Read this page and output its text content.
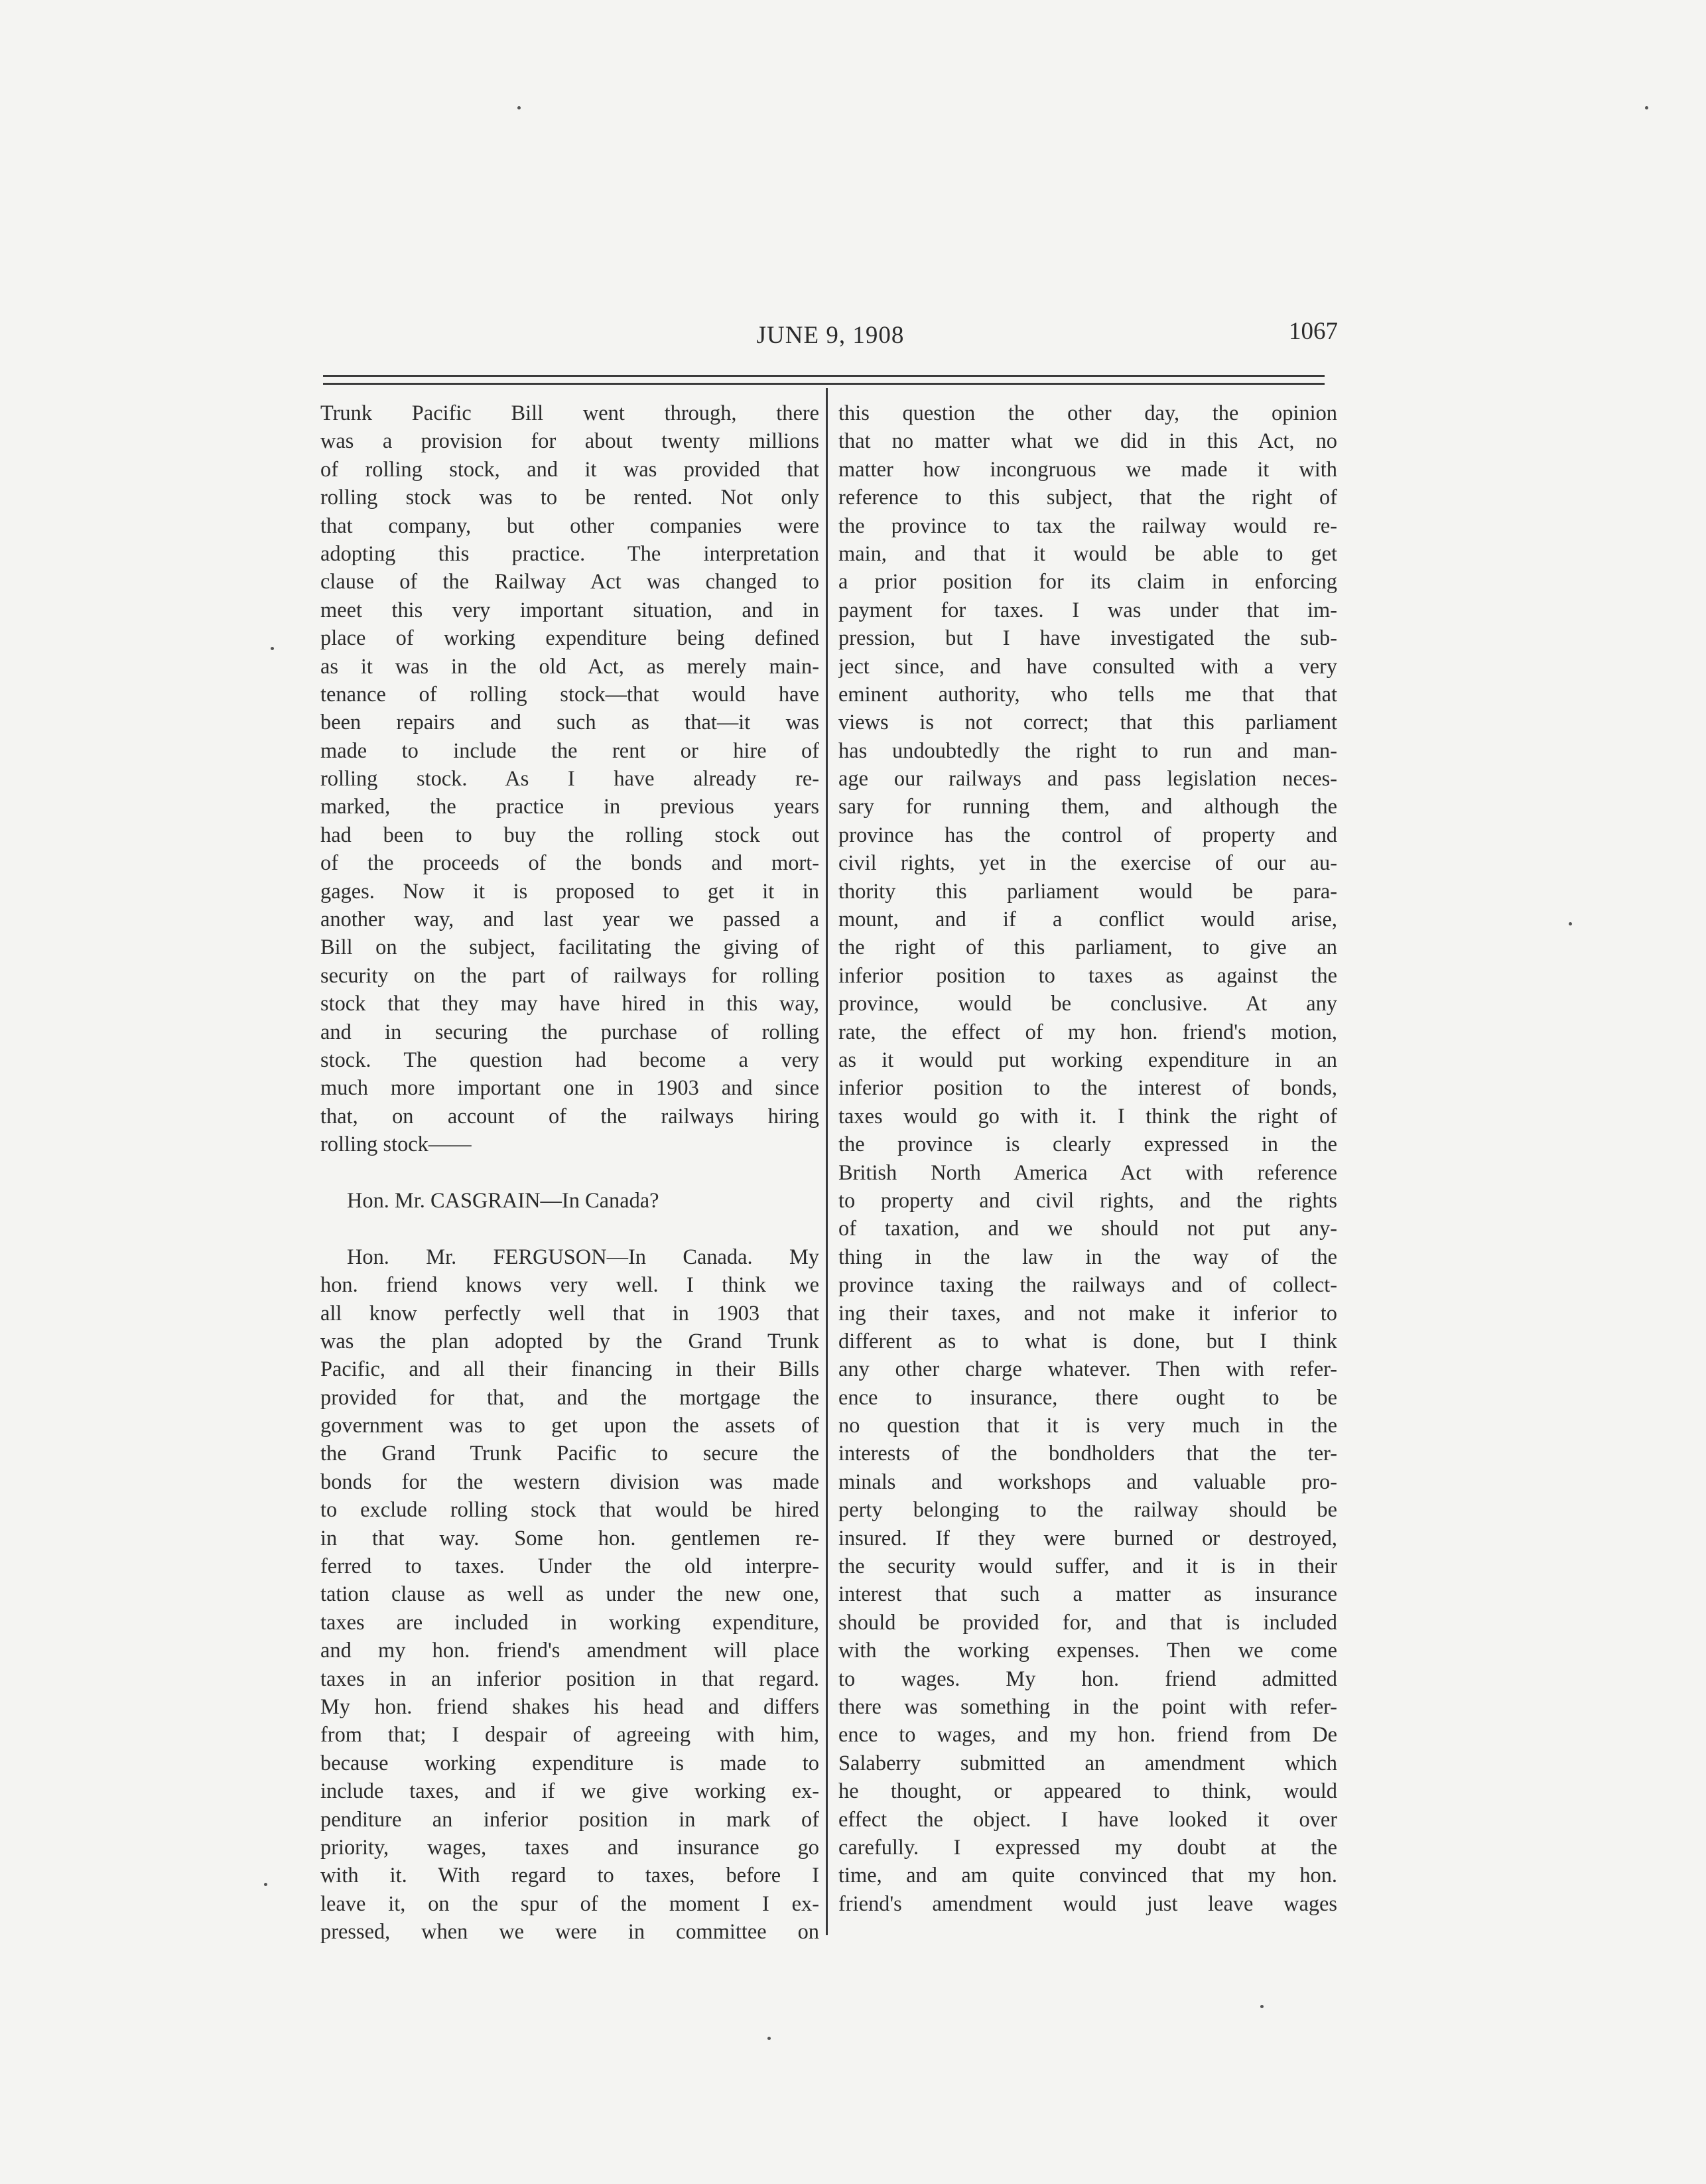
JUNE 9, 1908	1067
Trunk Pacific Bill went through, there
was a provision for about twenty millions
of rolling stock, and it was provided that
rolling stock was to be rented. Not only
that company, but other companies were
adopting this practice. The interpretation
clause of the Railway Act was changed to
meet this very important situation, and in
place of working expenditure being defined
as it was in the old Act, as merely main-
tenance of rolling stock—that would have
been repairs and such as that—it was
made to include the rent or hire of
rolling stock. As I have already re-
marked, the practice in previous years
had been to buy the rolling stock out
of the proceeds of the bonds and mort-
gages. Now it is proposed to get it in
another way, and last year we passed a
Bill on the subject, facilitating the giving of
security on the part of railways for rolling
stock that they may have hired in this way,
and in securing the purchase of rolling
stock. The question had become a very
much more important one in 1903 and since
that, on account of the railways hiring
rolling stock——
Hon. Mr. CASGRAIN—In Canada?
Hon. Mr. FERGUSON—In Canada. My
hon. friend knows very well. I think we
all know perfectly well that in 1903 that
was the plan adopted by the Grand Trunk
Pacific, and all their financing in their Bills
provided for that, and the mortgage the
government was to get upon the assets of
the Grand Trunk Pacific to secure the
bonds for the western division was made
to exclude rolling stock that would be hired
in that way. Some hon. gentlemen re-
ferred to taxes. Under the old interpre-
tation clause as well as under the new one,
taxes are included in working expenditure,
and my hon. friend's amendment will place
taxes in an inferior position in that regard.
My hon. friend shakes his head and differs
from that; I despair of agreeing with him,
because working expenditure is made to
include taxes, and if we give working ex-
penditure an inferior position in mark of
priority, wages, taxes and insurance go
with it. With regard to taxes, before I
leave it, on the spur of the moment I ex-
pressed, when we were in committee on
this question the other day, the opinion
that no matter what we did in this Act, no
matter how incongruous we made it with
reference to this subject, that the right of
the province to tax the railway would re-
main, and that it would be able to get
a prior position for its claim in enforcing
payment for taxes. I was under that im-
pression, but I have investigated the sub-
ject since, and have consulted with a very
eminent authority, who tells me that that
views is not correct; that this parliament
has undoubtedly the right to run and man-
age our railways and pass legislation neces-
sary for running them, and although the
province has the control of property and
civil rights, yet in the exercise of our au-
thority this parliament would be para-
mount, and if a conflict would arise,
the right of this parliament, to give an
inferior position to taxes as against the
province, would be conclusive. At any
rate, the effect of my hon. friend's motion,
as it would put working expenditure in an
inferior position to the interest of bonds,
taxes would go with it. I think the right of
the province is clearly expressed in the
British North America Act with reference
to property and civil rights, and the rights
of taxation, and we should not put any-
thing in the law in the way of the
province taxing the railways and of collect-
ing their taxes, and not make it inferior to
different as to what is done, but I think
any other charge whatever. Then with refer-
ence to insurance, there ought to be
no question that it is very much in the
interests of the bondholders that the ter-
minals and workshops and valuable pro-
perty belonging to the railway should be
insured. If they were burned or destroyed,
the security would suffer, and it is in their
interest that such a matter as insurance
should be provided for, and that is included
with the working expenses. Then we come
to wages. My hon. friend admitted
there was something in the point with refer-
ence to wages, and my hon. friend from De
Salaberry submitted an amendment which
he thought, or appeared to think, would
effect the object. I have looked it over
carefully. I expressed my doubt at the
time, and am quite convinced that my hon.
friend's amendment would just leave wages
